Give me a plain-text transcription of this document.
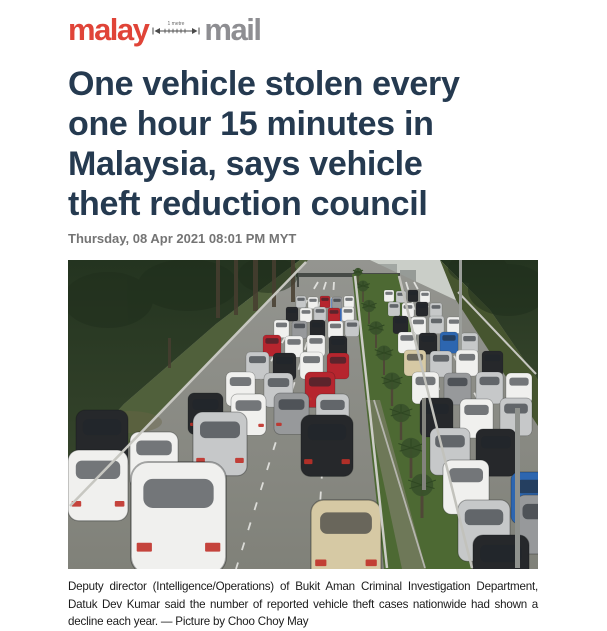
malay	1 metre mail
One vehicle stolen every
one hour 15 minutes in
Malaysia, says vehicle
theft reduction council
Thursday, 08 Apr 2021 08:01 PM MYT
Deputy director (Intelligence/Operations) of Bukit Aman Criminal Investigation Department, Datuk Dev Kumar said the number of reported vehicle theft cases nationwide had shown a decline each year. — Picture by Choo Choy May
